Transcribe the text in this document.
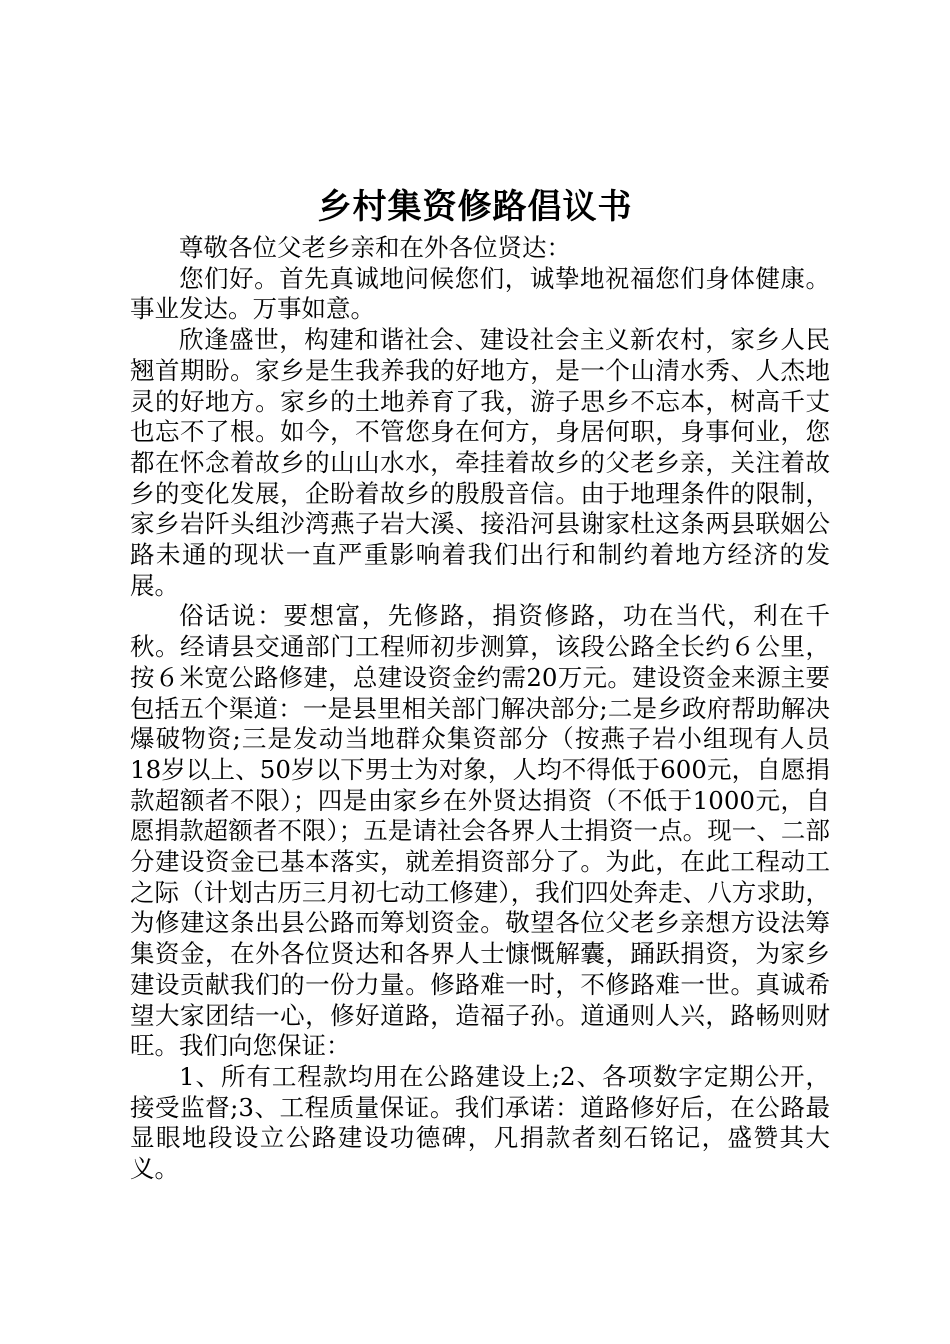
乡村集资修路倡议书

尊敬各位父老乡亲和在外各位贤达：

您们好。首先真诚地问候您们，诚挚地祝福您们身体健康。事业发达。万事如意。

欣逢盛世，构建和谐社会、建设社会主义新农村，家乡人民翘首期盼。家乡是生我养我的好地方，是一个山清水秀、人杰地灵的好地方。家乡的土地养育了我，游子思乡不忘本，树高千丈也忘不了根。如今，不管您身在何方，身居何职，身事何业，您都在怀念着故乡的山山水水，牵挂着故乡的父老乡亲，关注着故乡的变化发展，企盼着故乡的殷殷音信。由于地理条件的限制，家乡岩阡头组沙湾燕子岩大溪、接沿河县谢家杜这条两县联姻公路未通的现状一直严重影响着我们出行和制约着地方经济的发展。

俗话说：要想富，先修路，捐资修路，功在当代，利在千秋。经请县交通部门工程师初步测算，该段公路全长约６公里，按６米宽公路修建，总建设资金约需20万元。建设资金来源主要包括五个渠道：一是县里相关部门解决部分;二是乡政府帮助解决爆破物资;三是发动当地群众集资部分（按燕子岩小组现有人员18岁以上、50岁以下男士为对象，人均不得低于600元，自愿捐款超额者不限）；四是由家乡在外贤达捐资（不低于1000元，自愿捐款超额者不限）；五是请社会各界人士捐资一点。现一、二部分建设资金已基本落实，就差捐资部分了。为此，在此工程动工之际（计划古历三月初七动工修建），我们四处奔走、八方求助，为修建这条出县公路而筹划资金。敬望各位父老乡亲想方设法筹集资金，在外各位贤达和各界人士慷慨解囊，踊跃捐资，为家乡建设贡献我们的一份力量。修路难一时，不修路难一世。真诚希望大家团结一心，修好道路，造福子孙。道通则人兴，路畅则财旺。我们向您保证：

1、所有工程款均用在公路建设上;2、各项数字定期公开，接受监督;3、工程质量保证。我们承诺：道路修好后，在公路最显眼地段设立公路建设功德碑，凡捐款者刻石铭记，盛赞其大义。
